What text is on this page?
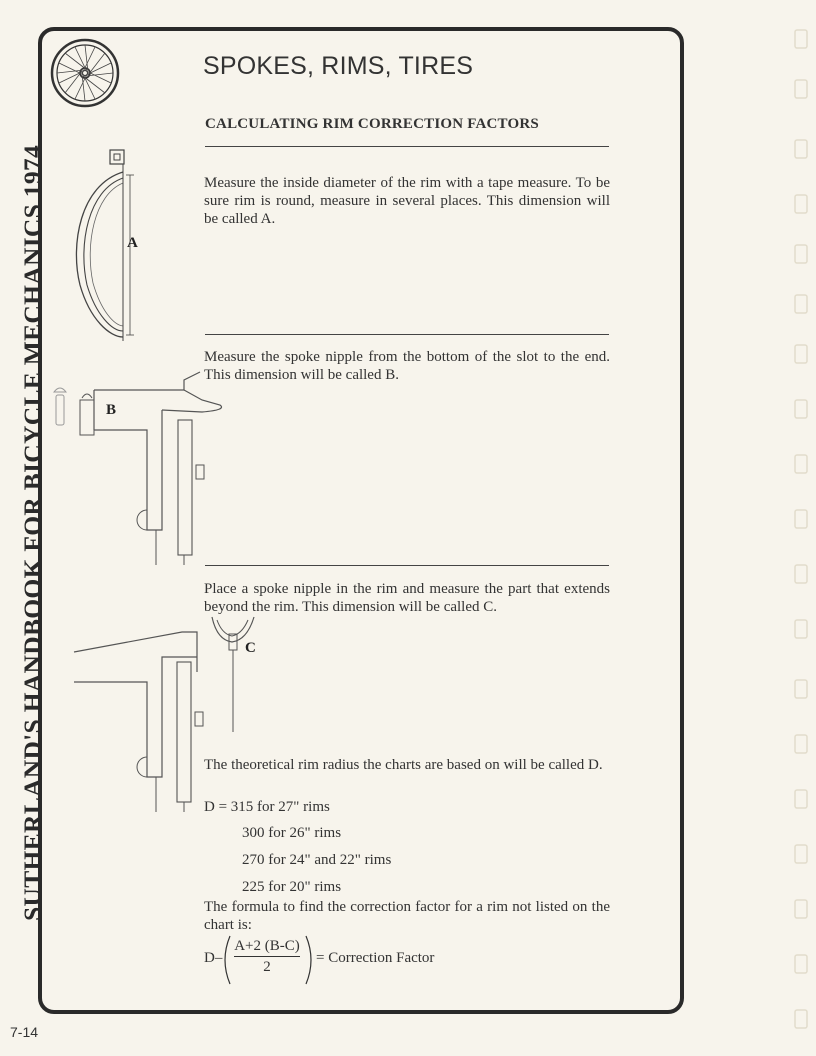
SUTHERLAND'S HANDBOOK FOR BICYCLE MECHANICS 1974
SPOKES, RIMS, TIRES
CALCULATING RIM CORRECTION FACTORS

Measure the inside diameter of the rim with a tape measure. To be sure rim is round, measure in several places. This dimension will be called A.

A

Measure the spoke nipple from the bottom of the slot to the end. This dimension will be called B.

B

Place a spoke nipple in the rim and measure the part that extends beyond the rim. This dimension will be called C.

C

The theoretical rim radius the charts are based on will be called D.

D = 315 for 27" rims

300 for 26" rims

270 for 24" and 22" rims

225 for 20" rims

The formula to find the correction factor for a rim not listed on the chart is:

D–
A+2 (B-C)
2
= Correction Factor
7-14
